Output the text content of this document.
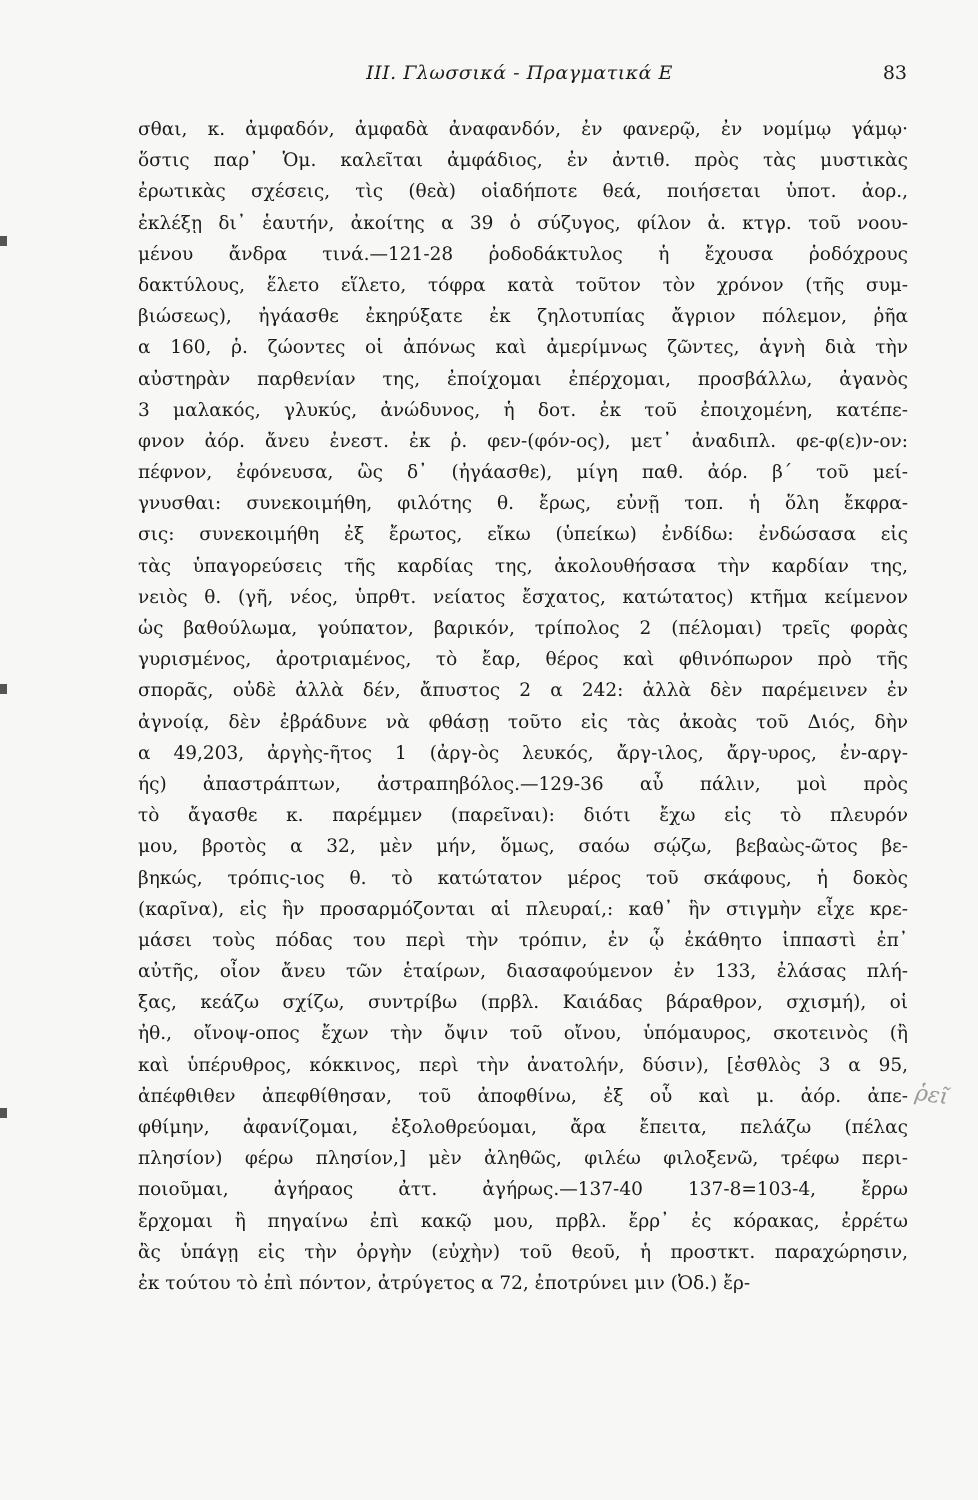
III. Γλωσσικά - Πραγματικά Ε	83
σθαι, κ. ἀμφαδόν, ἀμφαδὰ ἀναφανδόν, ἐν φανερῷ, ἐν νομίμῳ γάμῳ·
ὅστις παρ᾽ Ὁμ. καλεῖται ἀμφάδιος, ἐν ἀντιθ. πρὸς τὰς μυστικὰς
ἐρωτικὰς σχέσεις, τὶς (θεὰ) οἱαδήποτε θεά, ποιήσεται ὑποτ. ἀορ.,
ἐκλέξῃ δι᾽ ἑαυτήν, ἀκοίτης α 39 ὁ σύζυγος, φίλον ἀ. κτγρ. τοῦ νοου-
μένου ἄνδρα τινά.—121-28 ῥοδοδάκτυλος ἡ ἔχουσα ῥοδόχρους
δακτύλους, ἕλετο εἵλετο, τόφρα κατὰ τοῦτον τὸν χρόνον (τῆς συμ-
βιώσεως), ἠγάασθε ἐκηρύξατε ἐκ ζηλοτυπίας ἄγριον πόλεμον, ῥῆα
α 160, ῥ. ζώοντες οἱ ἀπόνως καὶ ἀμερίμνως ζῶντες, ἁγνὴ διὰ τὴν
αὐστηρὰν παρθενίαν της, ἐποίχομαι ἐπέρχομαι, προσβάλλω, ἀγανὸς
3 μαλακός, γλυκύς, ἀνώδυνος, ἡ δοτ. ἐκ τοῦ ἐποιχομένη, κατέπε-
φνον ἀόρ. ἄνευ ἐνεστ. ἐκ ῥ. φεν-(φόν-ος), μετ᾽ ἀναδιπλ. φε-φ(ε)ν-ον:
πέφνον, ἐφόνευσα, ὣς δ᾽ (ἠγάασθε), μίγη παθ. ἀόρ. β´ τοῦ μεί-
γνυσθαι: συνεκοιμήθη, φιλότης θ. ἔρως, εὐνῇ τοπ. ἡ ὅλη ἔκφρα-
σις: συνεκοιμήθη ἐξ ἔρωτος, εἴκω (ὑπείκω) ἐνδίδω: ἐνδώσασα εἰς
τὰς ὑπαγορεύσεις τῆς καρδίας της, ἀκολουθήσασα τὴν καρδίαν της,
νειὸς θ. (γῆ, νέος, ὑπρθτ. νείατος ἔσχατος, κατώτατος) κτῆμα κείμενον
ὡς βαθούλωμα, γούπατον, βαρικόν, τρίπολος 2 (πέλομαι) τρεῖς φορὰς
γυρισμένος, ἀροτριαμένος, τὸ ἔαρ, θέρος καὶ φθινόπωρον πρὸ τῆς
σπορᾶς, οὐδὲ ἀλλὰ δέν, ἄπυστος 2 α 242: ἀλλὰ δὲν παρέμεινεν ἐν
ἀγνοίᾳ, δὲν ἐβράδυνε νὰ φθάσῃ τοῦτο εἰς τὰς ἀκοὰς τοῦ Διός, δὴν
α 49,203, ἀργὴς-ῆτος 1 (ἀργ-ὸς λευκός, ἄργ-ιλος, ἄργ-υρος, ἐν-αργ-
ής) ἀπαστράπτων, ἀστραπηβόλος.—129-36 αὖ πάλιν, μοὶ πρὸς
τὸ ἄγασθε κ. παρέμμεν (παρεῖναι): διότι ἔχω εἰς τὸ πλευρόν
μου, βροτὸς α 32, μὲν μήν, ὅμως, σαόω σῴζω, βεβαὼς-ῶτος βε-
βηκώς, τρόπις-ιος θ. τὸ κατώτατον μέρος τοῦ σκάφους, ἡ δοκὸς
(καρῖνα), εἰς ἣν προσαρμόζονται αἱ πλευραί,: καθ᾽ ἣν στιγμὴν εἶχε κρε-
μάσει τοὺς πόδας του περὶ τὴν τρόπιν, ἐν ᾧ ἐκάθητο ἱππαστὶ ἐπ᾽
αὐτῆς, οἶον ἄνευ τῶν ἑταίρων, διασαφούμενον ἐν 133, ἐλάσας πλή-
ξας, κεάζω σχίζω, συντρίβω (πρβλ. Καιάδας βάραθρον, σχισμή), οἱ
ἠθ., οἴνοψ-οπος ἔχων τὴν ὄψιν τοῦ οἴνου, ὑπόμαυρος, σκοτεινὸς (ἢ
καὶ ὑπέρυθρος, κόκκινος, περὶ τὴν ἀνατολήν, δύσιν), [ἐσθλὸς 3 α 95,
ἀπέφθιθεν ἀπεφθίθησαν, τοῦ ἀποφθίνω, ἐξ οὗ καὶ μ. ἀόρ. ἀπε-
φθίμην, ἀφανίζομαι, ἐξολοθρεύομαι, ἄρα ἔπειτα, πελάζω (πέλας
πλησίον) φέρω πλησίον,] μὲν ἀληθῶς, φιλέω φιλοξενῶ, τρέφω περι-
ποιοῦμαι, ἀγήραος ἀττ. ἀγήρως.—137-40 137-8=103-4, ἔρρω
ἔρχομαι ἢ πηγαίνω ἐπὶ κακῷ μου, πρβλ. ἔρρ᾽ ἐς κόρακας, ἐρρέτω
ἂς ὑπάγῃ εἰς τὴν ὀργὴν (εὐχὴν) τοῦ θεοῦ, ἡ προστκτ. παραχώρησιν,
ἐκ τούτου τὸ ἐπὶ πόντον, ἀτρύγετος α 72, ἐποτρύνει μιν (Ὀδ.) ἔρ-
ῥεῖ
